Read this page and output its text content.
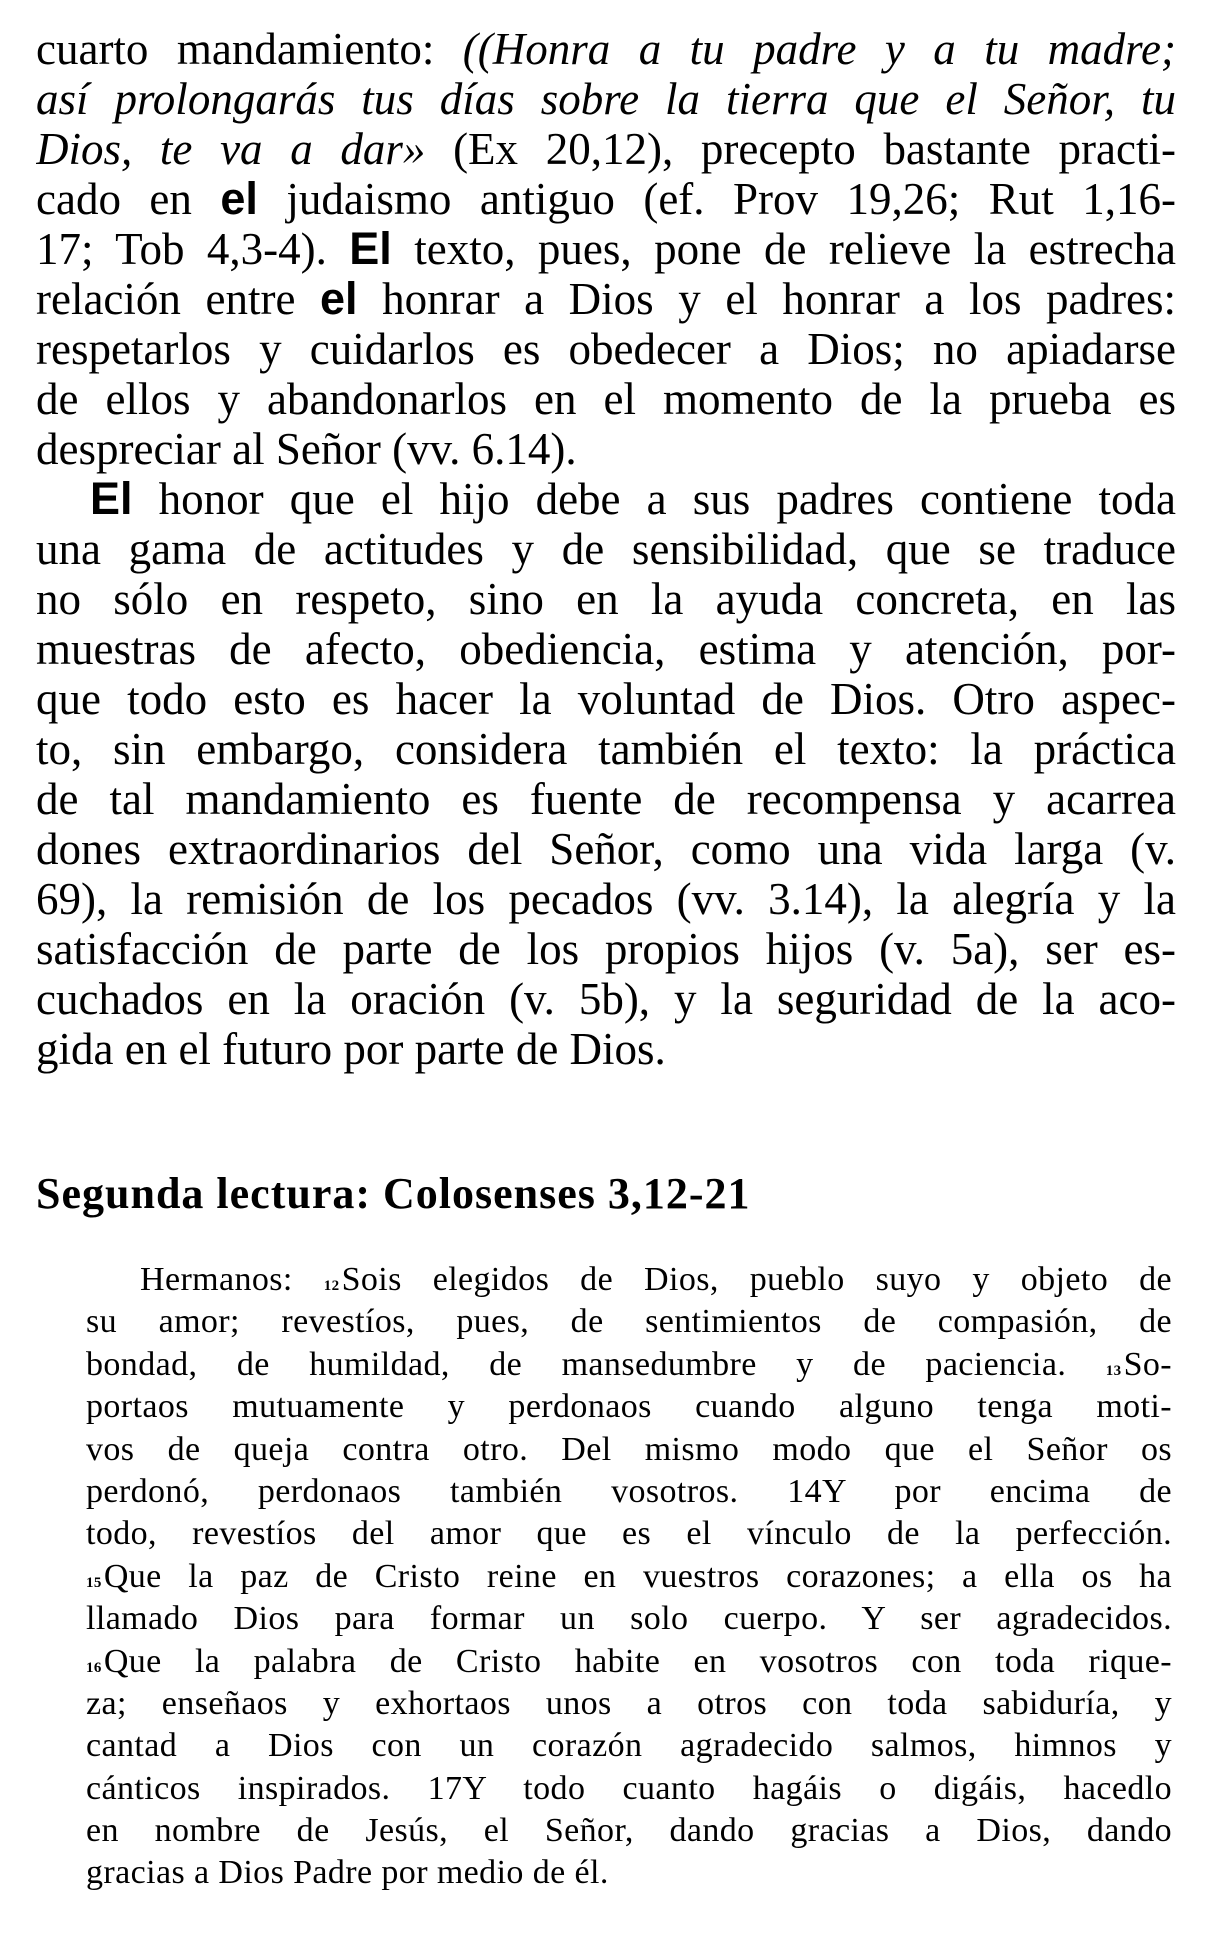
cuarto mandamiento: ((Honra a tu padre y a tu madre;
así prolongarás tus días sobre la tierra que el Señor, tu
Dios, te va a dar» (Ex 20,12), precepto bastante practi-
cado en el judaismo antiguo (ef. Prov 19,26; Rut 1,16-
17; Tob 4,3-4). El texto, pues, pone de relieve la estrecha
relación entre el honrar a Dios y el honrar a los padres:
respetarlos y cuidarlos es obedecer a Dios; no apiadarse
de ellos y abandonarlos en el momento de la prueba es
despreciar al Señor (vv. 6.14).
El honor que el hijo debe a sus padres contiene toda
una gama de actitudes y de sensibilidad, que se traduce
no sólo en respeto, sino en la ayuda concreta, en las
muestras de afecto, obediencia, estima y atención, por-
que todo esto es hacer la voluntad de Dios. Otro aspec-
to, sin embargo, considera también el texto: la práctica
de tal mandamiento es fuente de recompensa y acarrea
dones extraordinarios del Señor, como una vida larga (v.
69), la remisión de los pecados (vv. 3.14), la alegría y la
satisfacción de parte de los propios hijos (v. 5a), ser es-
cuchados en la oración (v. 5b), y la seguridad de la aco-
gida en el futuro por parte de Dios.
Segunda lectura: Colosenses 3,12-21
Hermanos: 12Sois elegidos de Dios, pueblo suyo y objeto de
su amor; revestíos, pues, de sentimientos de compasión, de
bondad, de humildad, de mansedumbre y de paciencia. 13So-
portaos mutuamente y perdonaos cuando alguno tenga moti-
vos de queja contra otro. Del mismo modo que el Señor os
perdonó, perdonaos también vosotros. 14Y por encima de
todo, revestíos del amor que es el vínculo de la perfección.
15Que la paz de Cristo reine en vuestros corazones; a ella os ha
llamado Dios para formar un solo cuerpo. Y ser agradecidos.
16Que la palabra de Cristo habite en vosotros con toda rique-
za; enseñaos y exhortaos unos a otros con toda sabiduría, y
cantad a Dios con un corazón agradecido salmos, himnos y
cánticos inspirados. 17Y todo cuanto hagáis o digáis, hacedlo
en nombre de Jesús, el Señor, dando gracias a Dios, dando
gracias a Dios Padre por medio de él.
